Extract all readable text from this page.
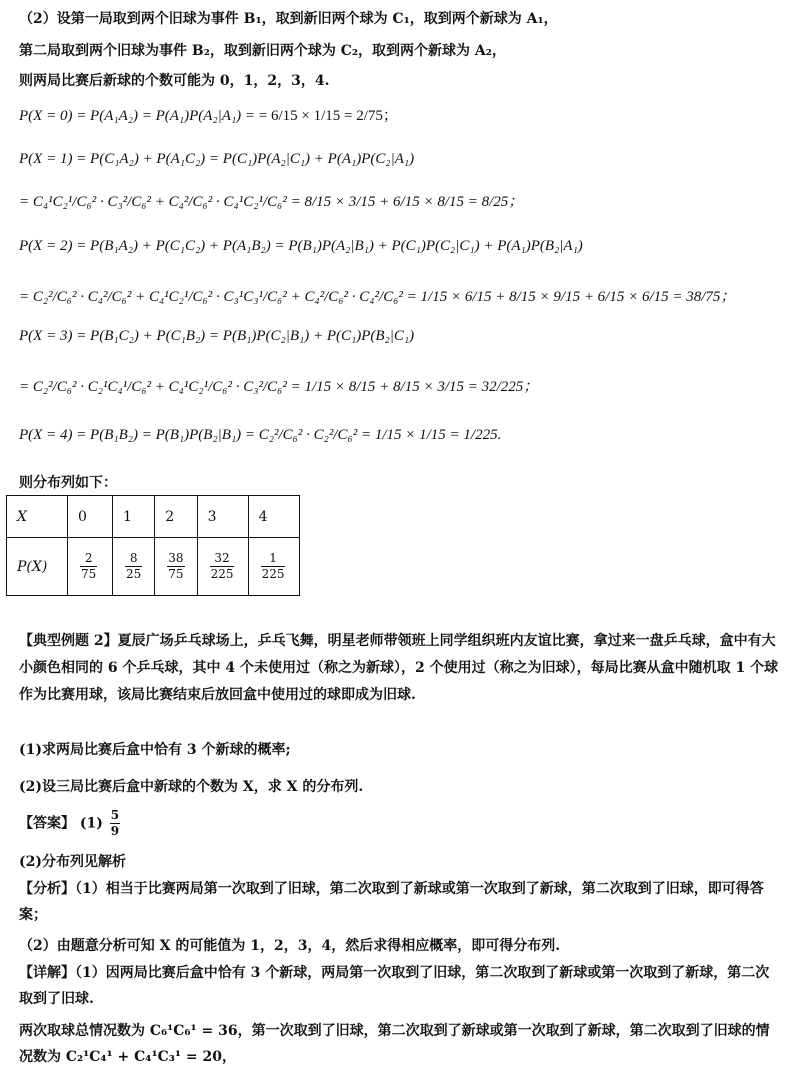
（2）设第一局取到两个旧球为事件 B₁，取到新旧两个球为 C₁，取到两个新球为 A₁，
第二局取到两个旧球为事件 B₂，取到新旧两个球为 C₂，取到两个新球为 A₂，
则两局比赛后新球的个数可能为 0，1，2，3，4.
P(X = 0) = P(A₁A₂) = P(A₁)P(A₂|A₁) = = 6/15 × 1/15 = 2/75；
P(X = 1) = P(C₁A₂) + P(A₁C₂) = P(C₁)P(A₂|C₁) + P(A₁)P(C₂|A₁)
= C₄¹C₂¹/C₆² · C₃²/C₆² + C₄²/C₆² · C₄¹C₂¹/C₆² = 8/15 × 3/15 + 6/15 × 8/15 = 8/25；
P(X = 2) = P(B₁A₂) + P(C₁C₂) + P(A₁B₂) = P(B₁)P(A₂|B₁) + P(C₁)P(C₂|C₁) + P(A₁)P(B₂|A₁)
= C₂²/C₆² · C₄²/C₆² + C₄¹C₂¹/C₆² · C₃¹C₃¹/C₆² + C₄²/C₆² · C₄²/C₆² = 1/15 × 6/15 + 8/15 × 9/15 + 6/15 × 6/15 = 38/75；
P(X = 3) = P(B₁C₂) + P(C₁B₂) = P(B₁)P(C₂|B₁) + P(C₁)P(B₂|C₁)
= C₂²/C₆² · C₂¹C₄¹/C₆² + C₄¹C₂¹/C₆² · C₃²/C₆² = 1/15 × 8/15 + 8/15 × 3/15 = 32/225；
P(X = 4) = P(B₁B₂) = P(B₁)P(B₂|B₁) = C₂²/C₆² · C₂²/C₆² = 1/15 × 1/15 = 1/225.
则分布列如下：
X	0	1	2	3	4
P(X)	$\frac{2}{75}$	$\frac{8}{25}$	$\frac{38}{75}$	$\frac{32}{225}$	$\frac{1}{225}$
【典型例题 2】夏辰广场乒乓球场上，乒乓飞舞，明星老师带领班上同学组织班内友谊比赛，拿过来一盘乒乓球，盒中有大小颜色相同的 6 个乒乓球，其中 4 个未使用过（称之为新球），2 个使用过（称之为旧球），每局比赛从盒中随机取 1 个球作为比赛用球，该局比赛结束后放回盒中使用过的球即成为旧球.
(1)求两局比赛后盒中恰有 3 个新球的概率;
(2)设三局比赛后盒中新球的个数为 X，求 X 的分布列.
【答案】 $(1) \frac{5}{9}$
(2)分布列见解析
【分析】（1）相当于比赛两局第一次取到了旧球，第二次取到了新球或第一次取到了新球，第二次取到了旧球，即可得答案；
（2）由题意分析可知 X 的可能值为 1，2，3，4，然后求得相应概率，即可得分布列.
【详解】（1）因两局比赛后盒中恰有 3 个新球，两局第一次取到了旧球，第二次取到了新球或第一次取到了新球，第二次取到了旧球.
两次取球总情况数为 C₆¹C₆¹ = 36，第一次取到了旧球，第二次取到了新球或第一次取到了新球，第二次取到了旧球的情况数为 C₂¹C₄¹ + C₄¹C₃¹ = 20，
